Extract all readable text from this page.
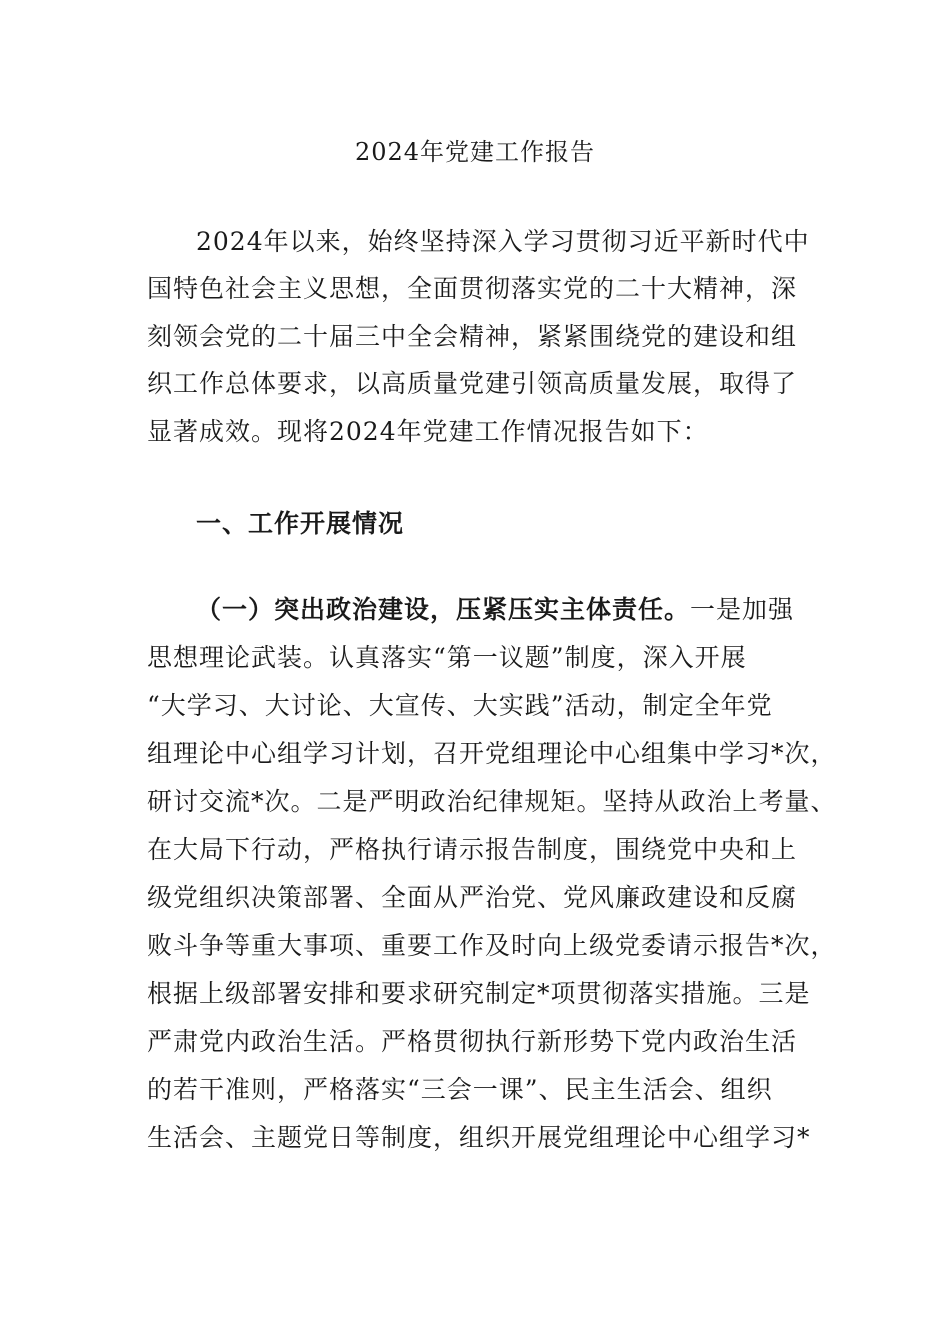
2024年党建工作报告
2024年以来，始终坚持深入学习贯彻习近平新时代中
国特色社会主义思想，全面贯彻落实党的二十大精神，深
刻领会党的二十届三中全会精神，紧紧围绕党的建设和组
织工作总体要求，以高质量党建引领高质量发展，取得了
显著成效。现将2024年党建工作情况报告如下：
一、工作开展情况
（一）突出政治建设，压紧压实主体责任。一是加强
思想理论武装。认真落实“第一议题”制度，深入开展
“大学习、大讨论、大宣传、大实践”活动，制定全年党
组理论中心组学习计划，召开党组理论中心组集中学习*次，
研讨交流*次。二是严明政治纪律规矩。坚持从政治上考量、
在大局下行动，严格执行请示报告制度，围绕党中央和上
级党组织决策部署、全面从严治党、党风廉政建设和反腐
败斗争等重大事项、重要工作及时向上级党委请示报告*次，
根据上级部署安排和要求研究制定*项贯彻落实措施。三是
严肃党内政治生活。严格贯彻执行新形势下党内政治生活
的若干准则，严格落实“三会一课”、民主生活会、组织
生活会、主题党日等制度，组织开展党组理论中心组学习*
